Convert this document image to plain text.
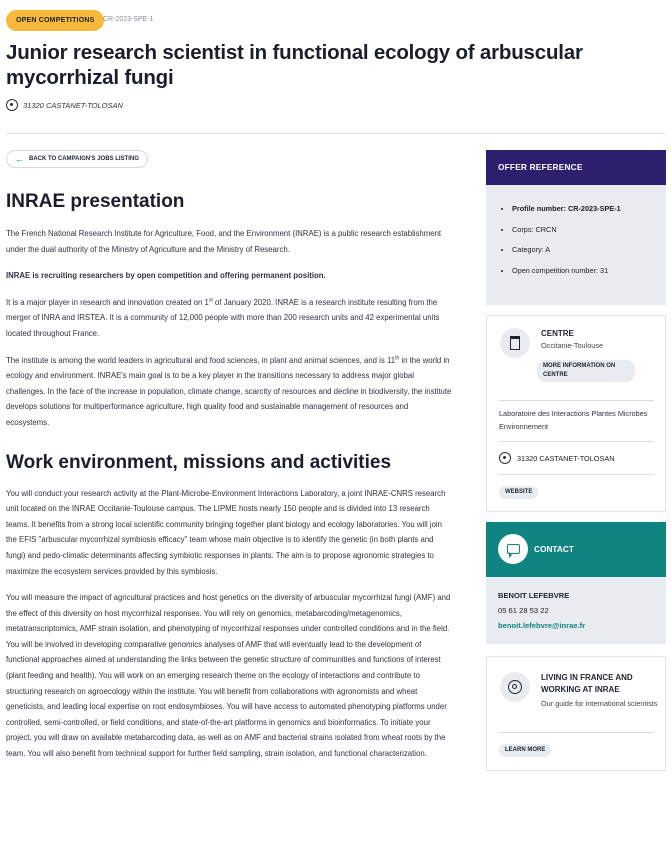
OPEN COMPETITIONS	CR-2023-SPE-1
Junior research scientist in functional ecology of arbuscular mycorrhizal fungi
31320 CASTANET-TOLOSAN
← BACK TO CAMPAIGN'S JOBS LISTING
INRAE presentation

The French National Research Institute for Agriculture, Food, and the Environment (INRAE) is a public research establishment under the dual authority of the Ministry of Agriculture and the Ministry of Research.

INRAE is recruiting researchers by open competition and offering permanent position.

It is a major player in research and innovation created on 1st of January 2020. INRAE is a research institute resulting from the merger of INRA and IRSTEA. It is a community of 12,000 people with more than 200 research units and 42 experimental units located throughout France.

The institute is among the world leaders in agricultural and food sciences, in plant and animal sciences, and is 11th in the world in ecology and environment. INRAE's main goal is to be a key player in the transitions necessary to address major global challenges. In the face of the increase in population, climate change, scarcity of resources and decline in biodiversity, the institute develops solutions for multiperformance agriculture, high quality food and sustainable management of resources and ecosystems.

Work environment, missions and activities

You will conduct your research activity at the Plant-Microbe-Environment Interactions Laboratory, a joint INRAE-CNRS research unit located on the INRAE Occitanie-Toulouse campus. The LIPME hosts nearly 150 people and is divided into 13 research teams. It benefits from a strong local scientific community bringing together plant biology and ecology laboratories. You will join the EFIS "arbuscular mycorrhizal symbiosis efficacy" team whose main objective is to identify the genetic (in both plants and fungi) and pedo-climatic determinants affecting symbiotic responses in plants. The aim is to propose agronomic strategies to maximize the ecosystem services provided by this symbiosis.

You will measure the impact of agricultural practices and host genetics on the diversity of arbuscular mycorrhizal fungi (AMF) and the effect of this diversity on host mycorrhizal responses. You will rely on genomics, metabarcoding/metagenomics, metatranscriptomics, AMF strain isolation, and phenotyping of mycorrhizal responses under controlled conditions and in the field. You will be involved in developing comparative genomics analyses of AMF that will eventually lead to the development of functional approaches aimed at understanding the links between the genetic structure of communities and functions of interest (plant feeding and health). You will work on an emerging research theme on the ecology of interactions and contribute to structuring research on agroecology within the institute. You will benefit from collaborations with agronomists and wheat geneticists, and leading local expertise on root endosymbioses. You will have access to automated phenotyping platforms under controlled, semi-controlled, or field conditions, and state-of-the-art platforms in genomics and bioinformatics. To initiate your project, you will draw on available metabarcoding data, as well as on AMF and bacterial strains isolated from wheat roots by the team. You will also benefit from technical support for further field sampling, strain isolation, and functional characterization.

OFFER REFERENCE
• Profile number: CR-2023-SPE-1
• Corps: CRCN
• Category: A
• Open competition number: 31
CENTRE
Occitanie-Toulouse
MORE INFORMATION ON CENTRE
Laboratoire des Interactions Plantes Microbes Environnement
31320 CASTANET-TOLOSAN
WEBSITE
CONTACT
BENOIT LEFEBVRE
05 61 28 53 22
benoit.lefebvre@inrae.fr
LIVING IN FRANCE AND WORKING AT INRAE
Our guide for international scientists
LEARN MORE
